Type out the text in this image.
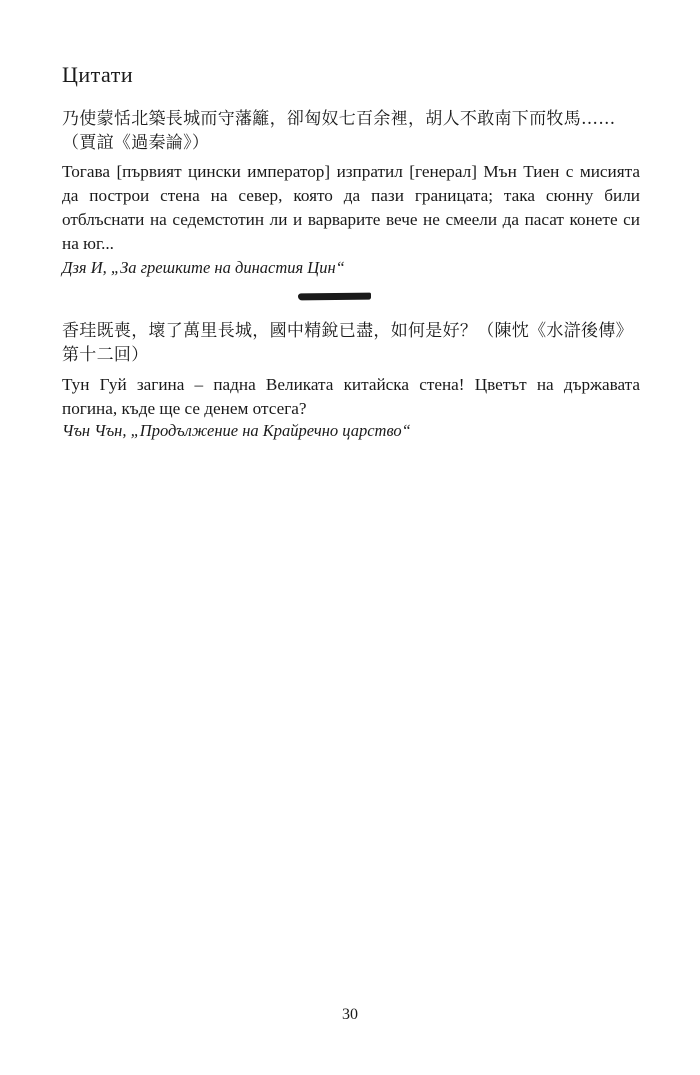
Цитати
乃使蒙恬北築長城而守藩籬，卻匈奴七百余裡，胡人不敢南下而牧馬……（賈誼《過秦論》）
Тогава [първият цински император] изпратил [генерал] Мън Тиен с мисията да построи стена на север, която да пази границата; така сюнну били отблъснати на седемстотин ли и варварите вече не смеели да пасат конете си на юг...
Дзя И, „За грешките на династия Цин“
香珪既喪，壞了萬里長城，國中精銳已盡，如何是好？（陳忱《水滸後傳》第十二回）
Тун Гуй загина – падна Великата китайска стена! Цветът на държавата погина, къде ще се денем отсега?
Чън Чън, „Продължение на Крайречно царство“
30
